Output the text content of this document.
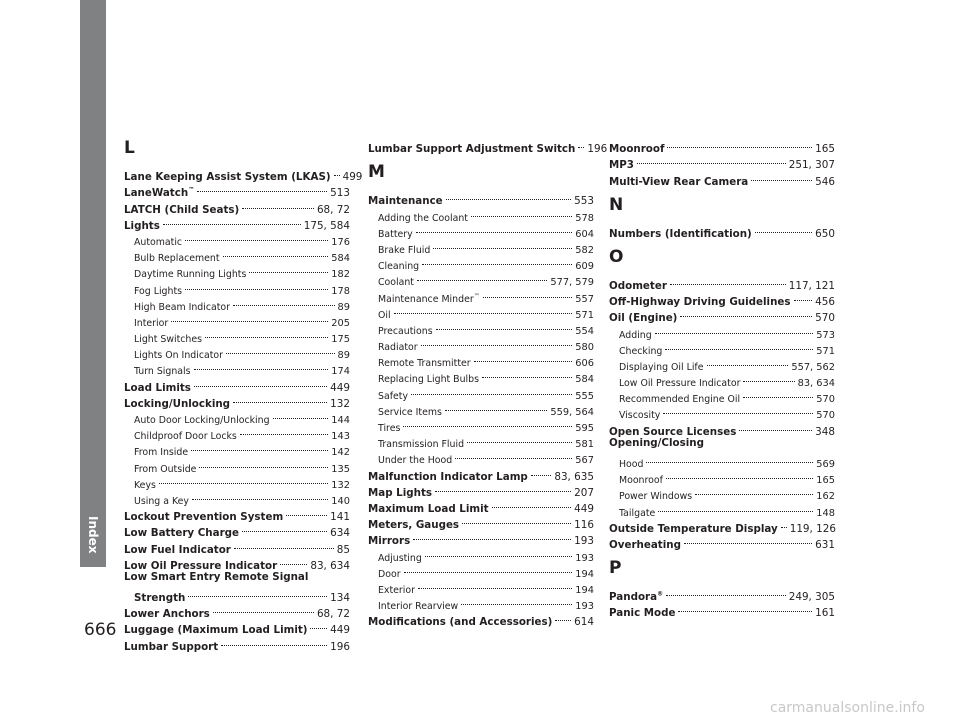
Index
666
L
Lane Keeping Assist System (LKAS) 499
LaneWatch™	513
LATCH (Child Seats)	68, 72
Lights	175, 584
Automatic	176
Bulb Replacement	584
Daytime Running Lights	182
Fog Lights	178
High Beam Indicator	89
Interior	205
Light Switches	175
Lights On Indicator	89
Turn Signals	174
Load Limits	449
Locking/Unlocking	132
Auto Door Locking/Unlocking	144
Childproof Door Locks	143
From Inside	142
From Outside	135
Keys	132
Using a Key	140
Lockout Prevention System	141
Low Battery Charge	634
Low Fuel Indicator	85
Low Oil Pressure Indicator	83, 634
Low Smart Entry Remote Signal
Strength	134
Lower Anchors	68, 72
Luggage (Maximum Load Limit) 449
Lumbar Support	196
Lumbar Support Adjustment Switch 196
M
Maintenance	553
Adding the Coolant	578
Battery	604
Brake Fluid	582
Cleaning	609
Coolant	577, 579
Maintenance Minder™	557
Oil	571
Precautions	554
Radiator	580
Remote Transmitter	606
Replacing Light Bulbs	584
Safety	555
Service Items	559, 564
Tires	595
Transmission Fluid	581
Under the Hood	567
Malfunction Indicator Lamp	83, 635
Map Lights	207
Maximum Load Limit	449
Meters, Gauges	116
Mirrors	193
Adjusting	193
Door	194
Exterior	194
Interior Rearview	193
Modifications (and Accessories) 614
Moonroof	165
MP3	251, 307
Multi-View Rear Camera	546
N
Numbers (Identification)	650
O
Odometer	117, 121
Off-Highway Driving Guidelines 456
Oil (Engine)	570
Adding	573
Checking	571
Displaying Oil Life	557, 562
Low Oil Pressure Indicator	83, 634
Recommended Engine Oil	570
Viscosity	570
Open Source Licenses	348
Opening/Closing
Hood	569
Moonroof	165
Power Windows	162
Tailgate	148
Outside Temperature Display 119, 126
Overheating	631
P
Pandora®	249, 305
Panic Mode	161
carmanualsonline.info
